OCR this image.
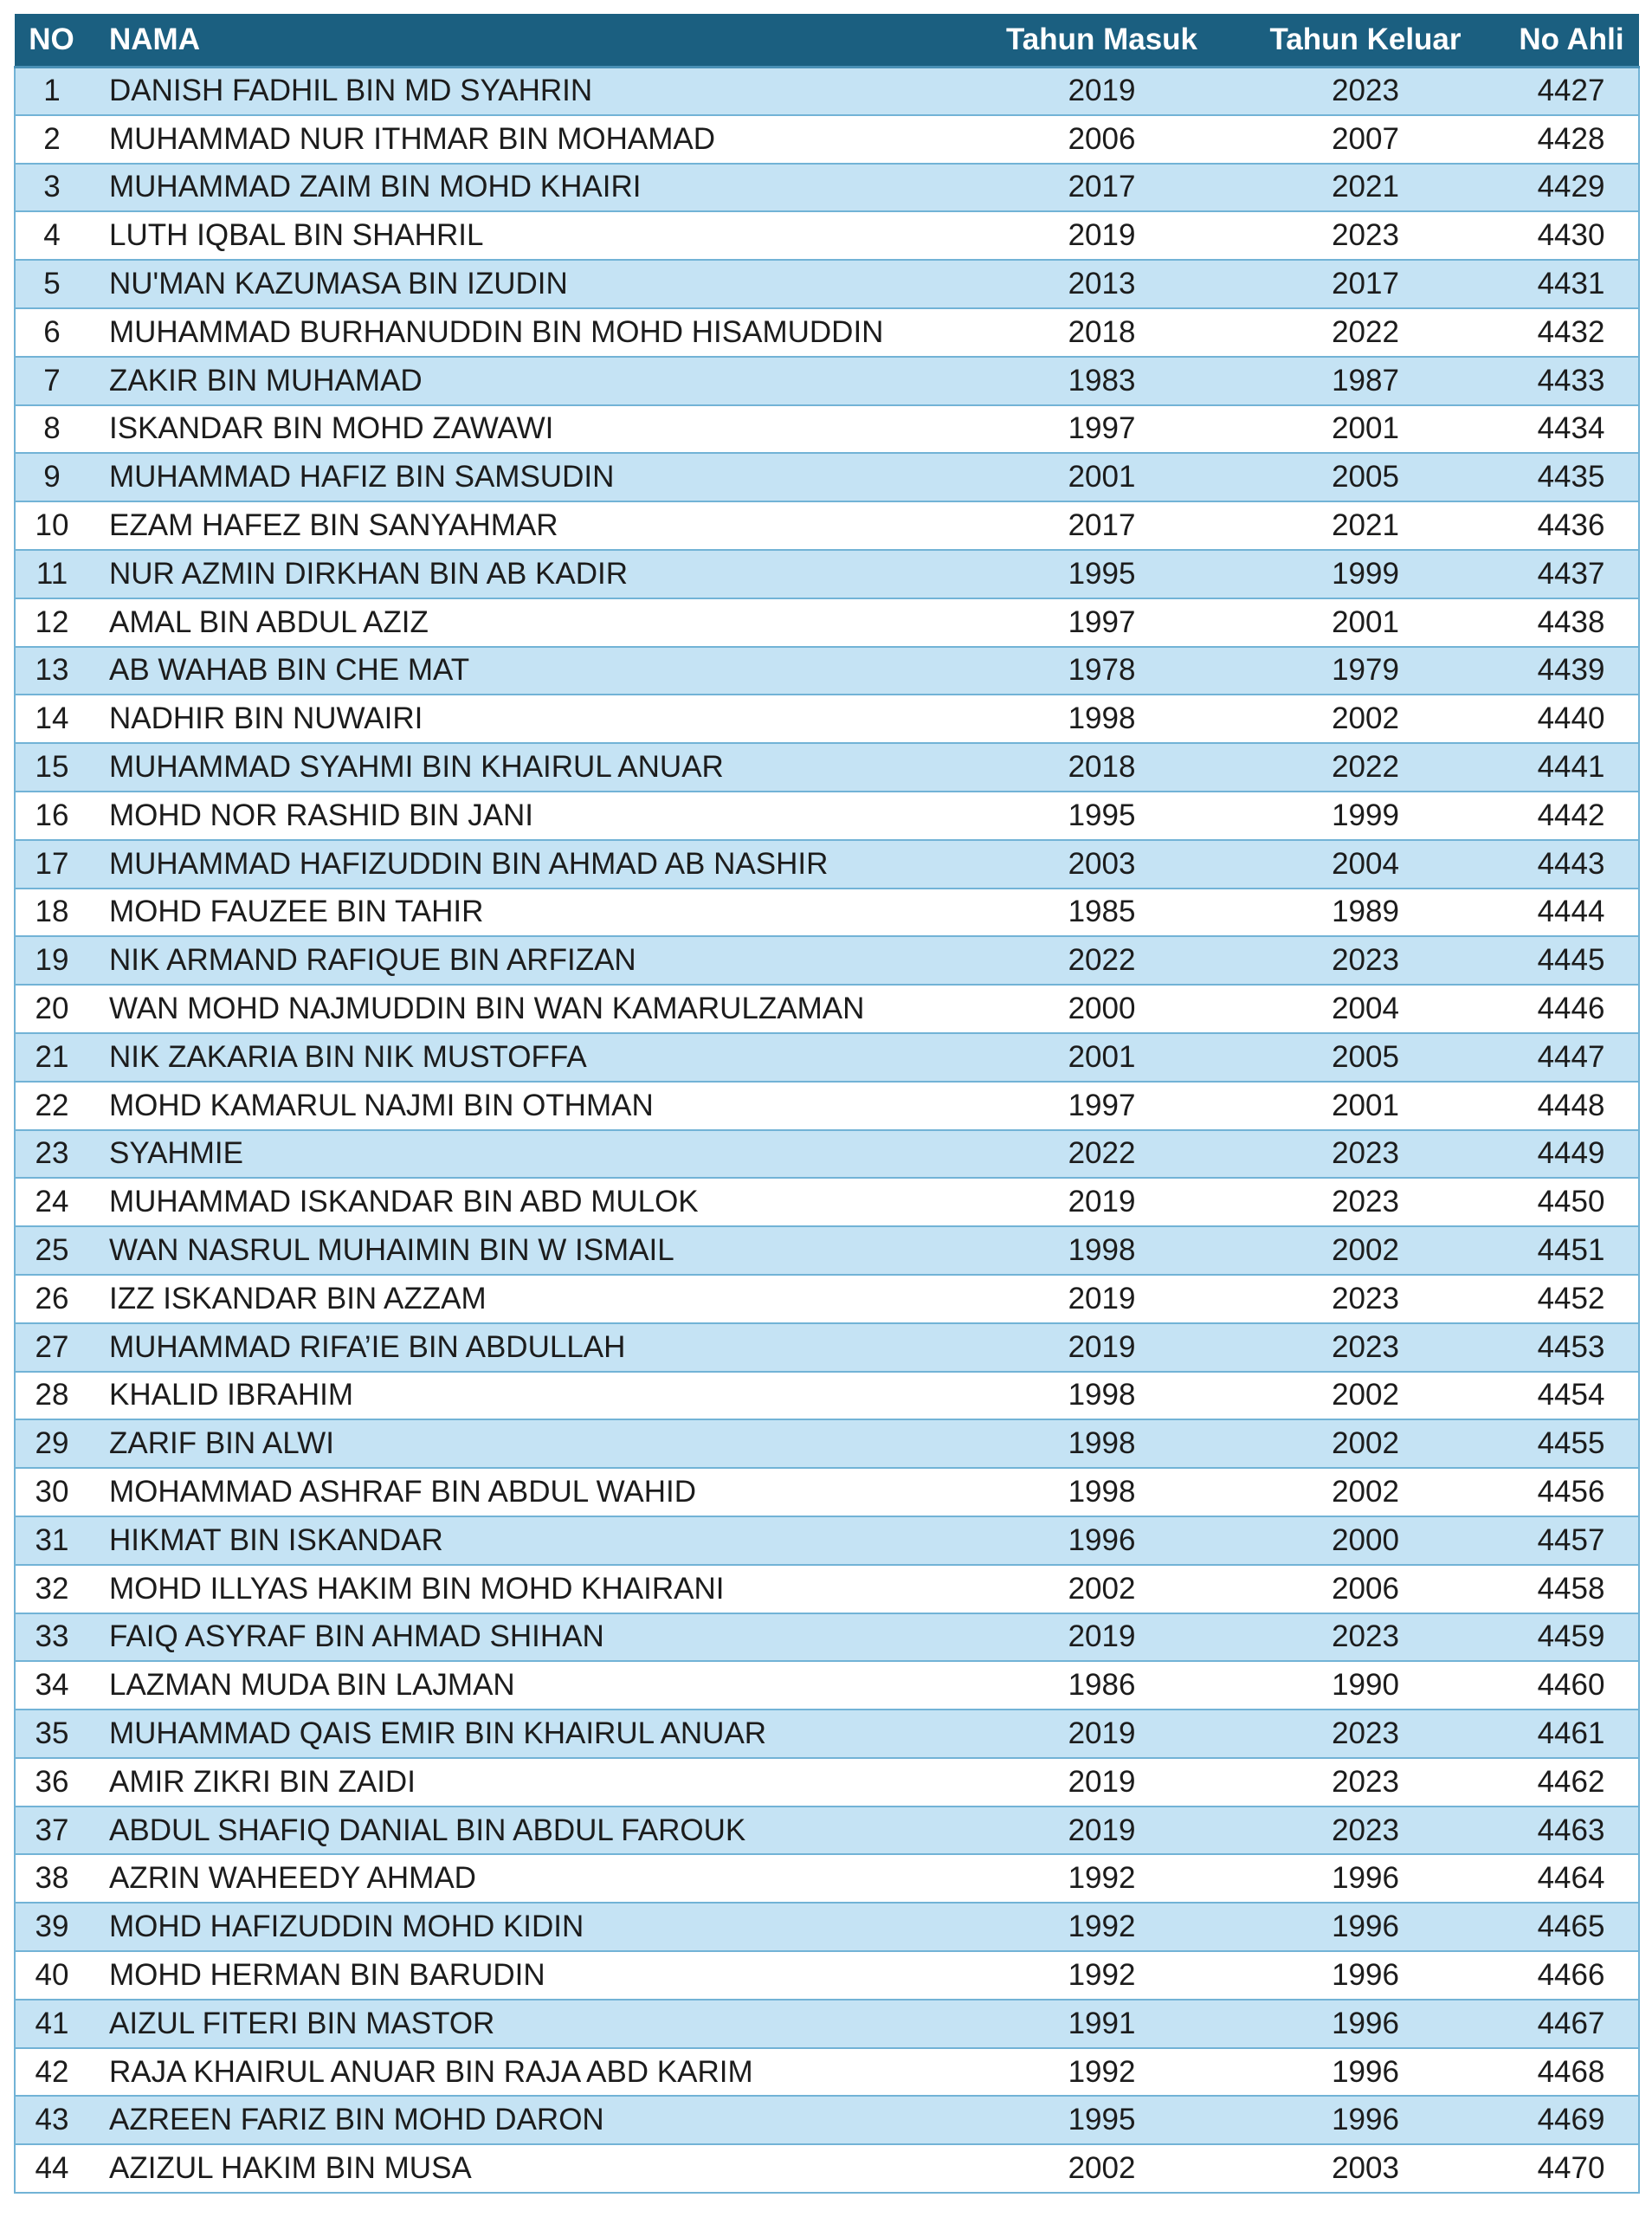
NO	NAMA	Tahun Masuk	Tahun Keluar	No Ahli
1	DANISH FADHIL BIN MD SYAHRIN	2019	2023	4427
2	MUHAMMAD NUR ITHMAR BIN MOHAMAD	2006	2007	4428
3	MUHAMMAD ZAIM BIN MOHD KHAIRI	2017	2021	4429
4	LUTH IQBAL BIN SHAHRIL	2019	2023	4430
5	NU'MAN KAZUMASA BIN IZUDIN	2013	2017	4431
6	MUHAMMAD BURHANUDDIN BIN MOHD HISAMUDDIN	2018	2022	4432
7	ZAKIR BIN MUHAMAD	1983	1987	4433
8	ISKANDAR BIN MOHD ZAWAWI	1997	2001	4434
9	MUHAMMAD HAFIZ BIN SAMSUDIN	2001	2005	4435
10	EZAM HAFEZ BIN SANYAHMAR	2017	2021	4436
11	NUR AZMIN DIRKHAN BIN AB KADIR	1995	1999	4437
12	AMAL BIN ABDUL AZIZ	1997	2001	4438
13	AB WAHAB BIN CHE MAT	1978	1979	4439
14	NADHIR BIN NUWAIRI	1998	2002	4440
15	MUHAMMAD SYAHMI BIN KHAIRUL ANUAR	2018	2022	4441
16	MOHD NOR RASHID BIN JANI	1995	1999	4442
17	MUHAMMAD HAFIZUDDIN BIN AHMAD AB NASHIR	2003	2004	4443
18	MOHD FAUZEE BIN TAHIR	1985	1989	4444
19	NIK ARMAND RAFIQUE BIN ARFIZAN	2022	2023	4445
20	WAN MOHD NAJMUDDIN BIN WAN KAMARULZAMAN	2000	2004	4446
21	NIK ZAKARIA BIN NIK MUSTOFFA	2001	2005	4447
22	MOHD KAMARUL NAJMI BIN OTHMAN	1997	2001	4448
23	SYAHMIE	2022	2023	4449
24	MUHAMMAD ISKANDAR BIN ABD MULOK	2019	2023	4450
25	WAN NASRUL MUHAIMIN BIN W ISMAIL	1998	2002	4451
26	IZZ ISKANDAR BIN AZZAM	2019	2023	4452
27	MUHAMMAD RIFA’IE BIN ABDULLAH	2019	2023	4453
28	KHALID IBRAHIM	1998	2002	4454
29	ZARIF BIN ALWI	1998	2002	4455
30	MOHAMMAD ASHRAF BIN ABDUL WAHID	1998	2002	4456
31	HIKMAT BIN ISKANDAR	1996	2000	4457
32	MOHD ILLYAS HAKIM BIN MOHD KHAIRANI	2002	2006	4458
33	FAIQ ASYRAF BIN AHMAD SHIHAN	2019	2023	4459
34	LAZMAN MUDA BIN LAJMAN	1986	1990	4460
35	MUHAMMAD QAIS EMIR BIN KHAIRUL ANUAR	2019	2023	4461
36	AMIR ZIKRI BIN ZAIDI	2019	2023	4462
37	ABDUL SHAFIQ DANIAL BIN ABDUL FAROUK	2019	2023	4463
38	AZRIN WAHEEDY AHMAD	1992	1996	4464
39	MOHD HAFIZUDDIN MOHD KIDIN	1992	1996	4465
40	MOHD HERMAN BIN BARUDIN	1992	1996	4466
41	AIZUL FITERI BIN MASTOR	1991	1996	4467
42	RAJA KHAIRUL ANUAR BIN RAJA ABD KARIM	1992	1996	4468
43	AZREEN FARIZ BIN MOHD DARON	1995	1996	4469
44	AZIZUL HAKIM BIN MUSA	2002	2003	4470
